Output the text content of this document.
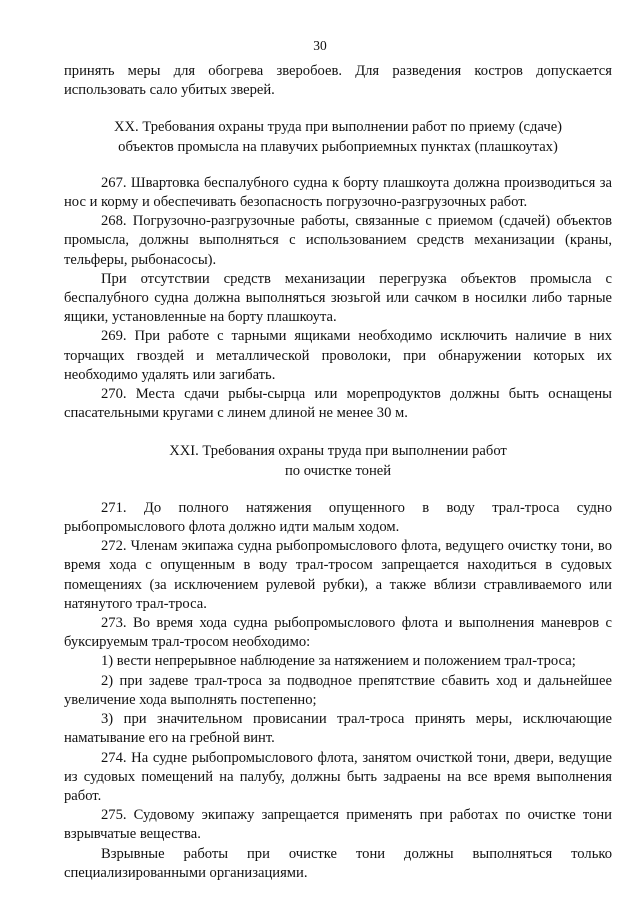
30

принять меры для обогрева зверобоев. Для разведения костров допускается использовать сало убитых зверей.

XX. Требования охраны труда при выполнении работ по приему (сдаче)
объектов промысла на плавучих рыбоприемных пунктах (плашкоутах)

267. Швартовка беспалубного судна к борту плашкоута должна производиться за нос и корму и обеспечивать безопасность погрузочно-разгрузочных работ.

268. Погрузочно-разгрузочные работы, связанные с приемом (сдачей) объектов промысла, должны выполняться с использованием средств механизации (краны, тельферы, рыбонасосы).

При отсутствии средств механизации перегрузка объектов промысла с беспалубного судна должна выполняться зюзьгой или сачком в носилки либо тарные ящики, установленные на борту плашкоута.

269. При работе с тарными ящиками необходимо исключить наличие в них торчащих гвоздей и металлической проволоки, при обнаружении которых их необходимо удалять или загибать.

270. Места сдачи рыбы-сырца или морепродуктов должны быть оснащены спасательными кругами с линем длиной не менее 30 м.

XXI. Требования охраны труда при выполнении работ
по очистке тоней

271. До полного натяжения опущенного в воду трал-троса судно рыбопромыслового флота должно идти малым ходом.

272. Членам экипажа судна рыбопромыслового флота, ведущего очистку тони, во время хода с опущенным в воду трал-тросом запрещается находиться в судовых помещениях (за исключением рулевой рубки), а также вблизи стравливаемого или натянутого трал-троса.

273. Во время хода судна рыбопромыслового флота и выполнения маневров с буксируемым трал-тросом необходимо:

1) вести непрерывное наблюдение за натяжением и положением трал-троса;

2) при задеве трал-троса за подводное препятствие сбавить ход и дальнейшее увеличение хода выполнять постепенно;

3) при значительном провисании трал-троса принять меры, исключающие наматывание его на гребной винт.

274. На судне рыбопромыслового флота, занятом очисткой тони, двери, ведущие из судовых помещений на палубу, должны быть задраены на все время выполнения работ.

275. Судовому экипажу запрещается применять при работах по очистке тони взрывчатые вещества.

Взрывные работы при очистке тони должны выполняться только специализированными организациями.
